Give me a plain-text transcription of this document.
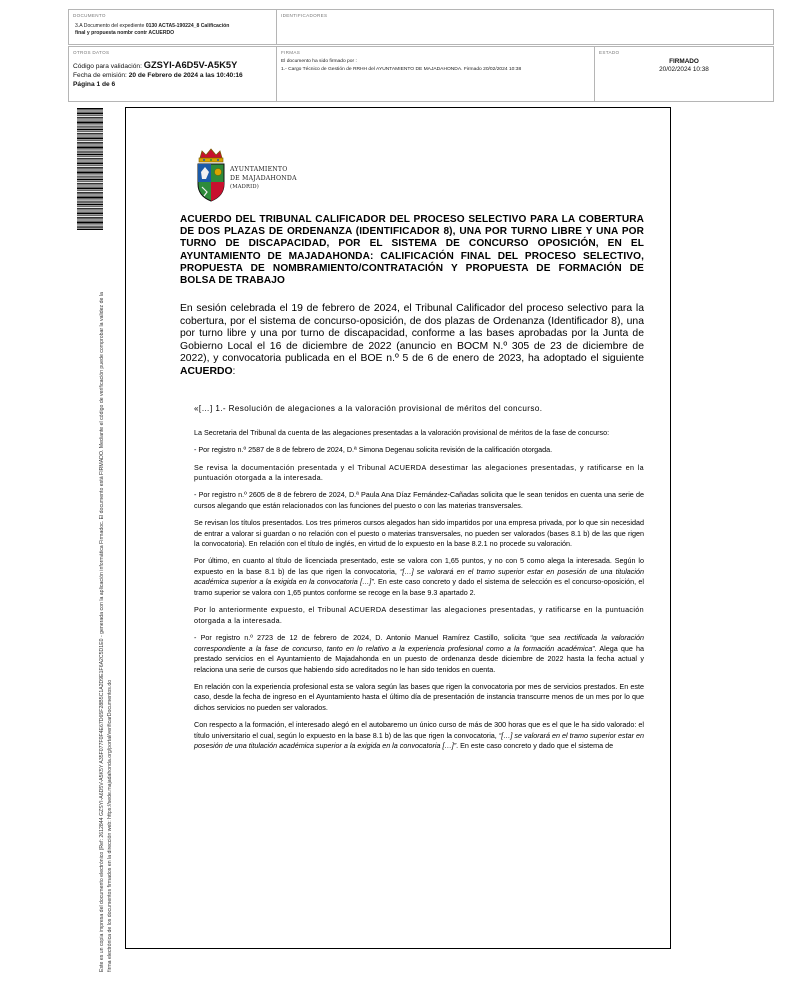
DOCUMENTO
3.A Documento del expediente 0130 ACTA5-190224_8 Calificación
final y propuesta nombr contr ACUERDO
IDENTIFICADORES
OTROS DATOS
Código para validación: GZSYI-A6D5V-A5K5Y
Fecha de emisión: 20 de Febrero de 2024 a las 10:40:16
Página 1 de 6
FIRMAS
El documento ha sido firmado por :
1.- Cargo Técnico de Gestión de RRHH del AYUNTAMIENTO DE MAJADAHONDA. Firmado 20/02/2024 10:38
ESTADO
FIRMADO
20/02/2024 10:38
Este es un copia impresa del documento electrónico (Ref: 2612844 GZSYI-A6D5V-A5K5Y A35F077F0F4E67D65F28B5C1A2D9E1F6A2C5D1E0 - generada con la aplicación informática Firmadoc. El documento está FIRMADO. Mediante el código de verificación puede comprobar la validez de la firma electrónica de los documentos firmados en la dirección web: https://sede.majadahonda.org/portal/verificarDocumentos.do
AYUNTAMIENTO
DE MAJADAHONDA
(MADRID)
ACUERDO DEL TRIBUNAL CALIFICADOR DEL PROCESO SELECTIVO PARA LA COBERTURA DE DOS PLAZAS DE ORDENANZA (IDENTIFICADOR 8), UNA POR TURNO LIBRE Y UNA POR TURNO DE DISCAPACIDAD, POR EL SISTEMA DE CONCURSO OPOSICIÓN, EN EL AYUNTAMIENTO DE MAJADAHONDA: CALIFICACIÓN FINAL DEL PROCESO SELECTIVO, PROPUESTA DE NOMBRAMIENTO/CONTRATACIÓN Y PROPUESTA DE FORMACIÓN DE BOLSA DE TRABAJO
En sesión celebrada el 19 de febrero de 2024, el Tribunal Calificador del proceso selectivo para la cobertura, por el sistema de concurso-oposición, de dos plazas de Ordenanza (Identificador 8), una por turno libre y una por turno de discapacidad, conforme a las bases aprobadas por la Junta de Gobierno Local el 16 de diciembre de 2022 (anuncio en BOCM N.º 305 de 23 de diciembre de 2022), y convocatoria publicada en el BOE n.º 5 de 6 de enero de 2023, ha adoptado el siguiente ACUERDO:
«[…] 1.- Resolución de alegaciones a la valoración provisional de méritos del concurso.

La Secretaria del Tribunal da cuenta de las alegaciones presentadas a la valoración provisional de méritos de la fase de concurso:

- Por registro n.º 2587 de 8 de febrero de 2024, D.ª Simona Degenau solicita revisión de la calificación otorgada.

Se revisa la documentación presentada y el Tribunal ACUERDA desestimar las alegaciones presentadas, y ratificarse en la puntuación otorgada a la interesada.

- Por registro n.º 2605 de 8 de febrero de 2024, D.ª Paula Ana Díaz Fernández-Cañadas solicita que le sean tenidos en cuenta una serie de cursos alegando que están relacionados con las funciones del puesto o con las materias transversales.

Se revisan los títulos presentados. Los tres primeros cursos alegados han sido impartidos por una empresa privada, por lo que sin necesidad de entrar a valorar si guardan o no relación con el puesto o materias transversales, no pueden ser valorados (bases 8.1 b) de las que rigen la convocatoria). En relación con el título de inglés, en virtud de lo expuesto en la base 8.2.1 no procede su valoración.

Por último, en cuanto al título de licenciada presentado, este se valora con 1,65 puntos, y no con 5 como alega la interesada. Según lo expuesto en la base 8.1 b) de las que rigen la convocatoria, “[…] se valorará en el tramo superior estar en posesión de una titulación académica superior a la exigida en la convocatoria […]”. En este caso concreto y dado el sistema de selección es el concurso-oposición, el tramo superior se valora con 1,65 puntos conforme se recoge en la base 9.3 apartado 2.

Por lo anteriormente expuesto, el Tribunal ACUERDA desestimar las alegaciones presentadas, y ratificarse en la puntuación otorgada a la interesada.

- Por registro n.º 2723 de 12 de febrero de 2024, D. Antonio Manuel Ramírez Castillo, solicita “que sea rectificada la valoración correspondiente a la fase de concurso, tanto en lo relativo a la experiencia profesional como a la formación académica”. Alega que ha prestado servicios en el Ayuntamiento de Majadahonda en un puesto de ordenanza desde diciembre de 2022 hasta la fecha actual y relaciona una serie de cursos que habiendo sido acreditados no le han sido tenidos en cuenta.

En relación con la experiencia profesional esta se valora según las bases que rigen la convocatoria por mes de servicios prestados. En este caso, desde la fecha de ingreso en el Ayuntamiento hasta el último día de presentación de instancia transcurre menos de un mes por lo que dichos servicios no pueden ser valorados.

Con respecto a la formación, el interesado alegó en el autobaremo un único curso de más de 300 horas que es el que le ha sido valorado: el título universitario el cual, según lo expuesto en la base 8.1 b) de las que rigen la convocatoria, “[…] se valorará en el tramo superior estar en posesión de una titulación académica superior a la exigida en la convocatoria […]”. En este caso concreto y dado que el sistema de
